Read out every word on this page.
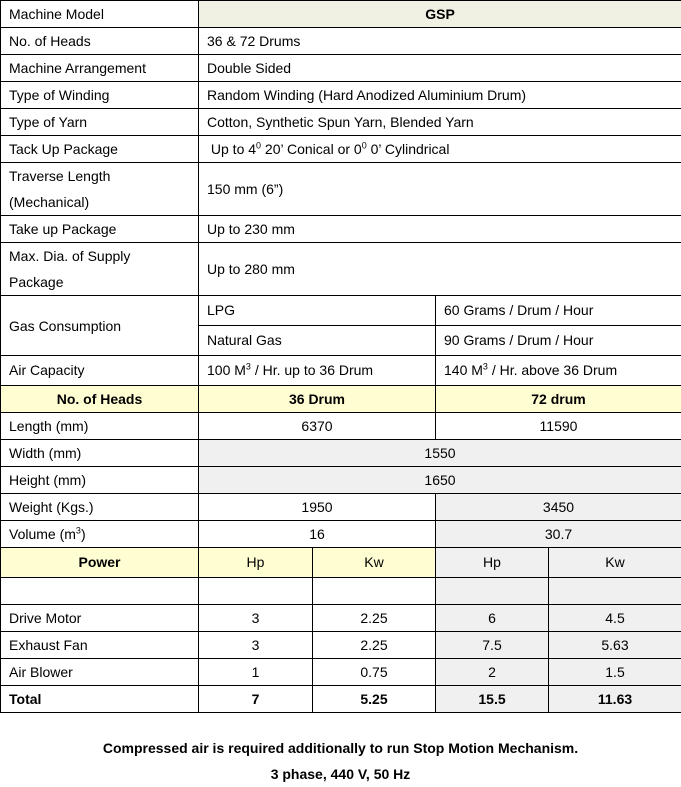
Machine Model	GSP			
No. of Heads	36 & 72 Drums			
Machine Arrangement	Double Sided			
Type of Winding	Random Winding (Hard Anodized Aluminium Drum)			
Type of Yarn	Cotton, Synthetic Spun Yarn, Blended Yarn			
Tack Up Package	Up to $4^0$ 20’ Conical or $0^0$ 0’ Cylindrical			
Traverse Length
(Mechanical)	150 mm (6”)			
Take up Package	Up to 230 mm			
Max. Dia. of Supply
Package	Up to 280 mm			
Gas Consumption	LPG		60 Grams / Drum / Hour	
	Natural Gas		90 Grams / Drum / Hour	
Air Capacity	100 $M^3$ / Hr. up to 36 Drum		140 $M^3$ / Hr. above 36 Drum	
No. of Heads	36 Drum		72 drum	
Length (mm)	6370		11590	
Width (mm)	1550			
Height (mm)	1650			
Weight (Kgs.)	1950		3450	
Volume $(m^3)$	16		30.7	
Power	Hp	Kw	Hp	Kw

Drive Motor	3	2.25	6	4.5
Exhaust Fan	3	2.25	7.5	5.63
Air Blower	1	0.75	2	1.5
Total	7	5.25	15.5	11.63
Compressed air is required additionally to run Stop Motion Mechanism.
3 phase, 440 V, 50 Hz
